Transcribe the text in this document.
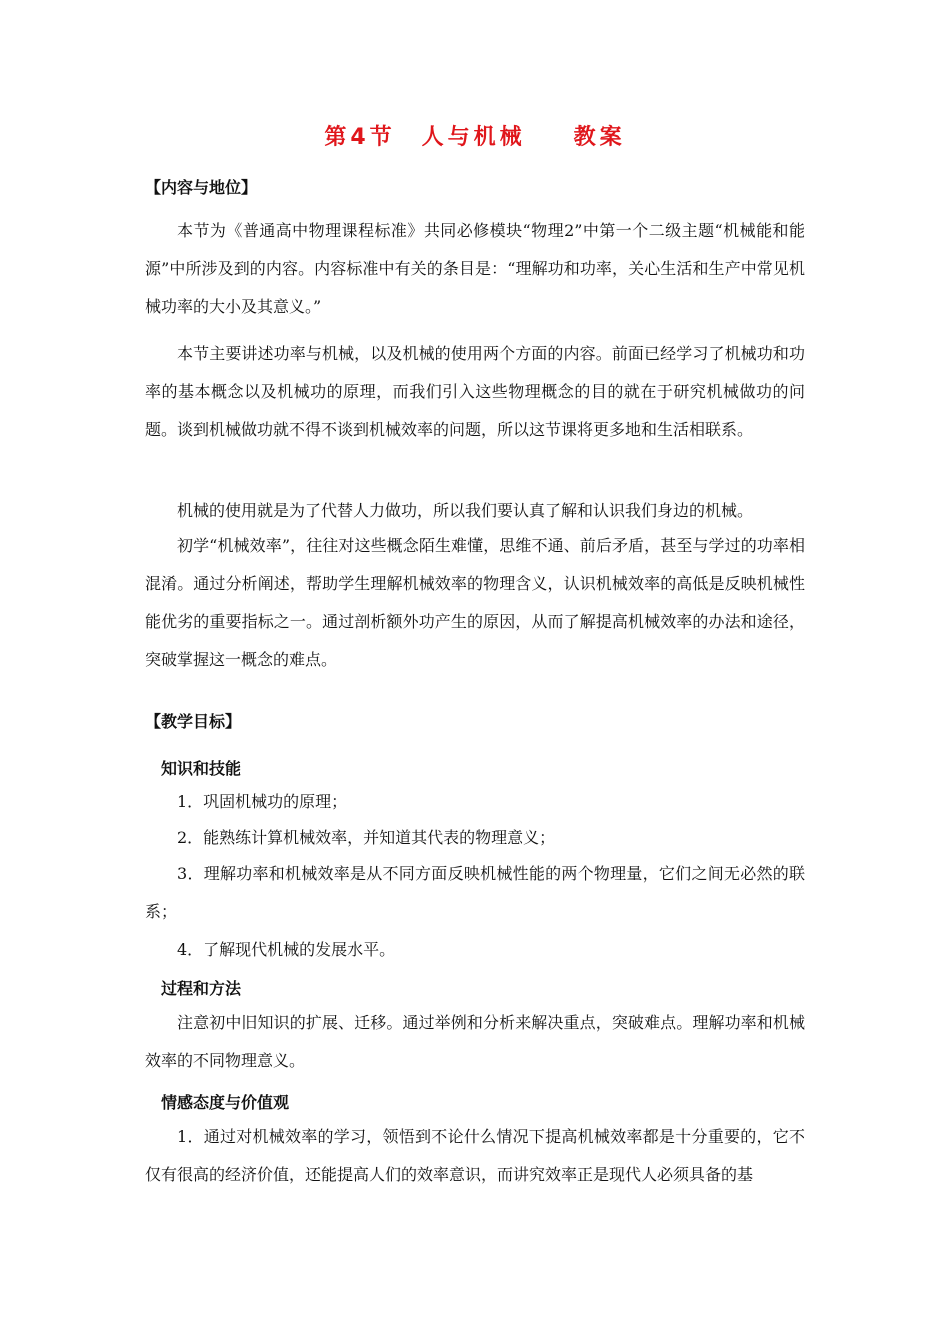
第4节　人与机械 教案
【内容与地位】

本节为《普通高中物理课程标准》共同必修模块“物理2”中第一个二级主题“机械能和能源”中所涉及到的内容。内容标准中有关的条目是：“理解功和功率，关心生活和生产中常见机械功率的大小及其意义。”

本节主要讲述功率与机械，以及机械的使用两个方面的内容。前面已经学习了机械功和功率的基本概念以及机械功的原理，而我们引入这些物理概念的目的就在于研究机械做功的问题。谈到机械做功就不得不谈到机械效率的问题，所以这节课将更多地和生活相联系。

机械的使用就是为了代替人力做功，所以我们要认真了解和认识我们身边的机械。

初学“机械效率”，往往对这些概念陌生难懂，思维不通、前后矛盾，甚至与学过的功率相混淆。通过分析阐述，帮助学生理解机械效率的物理含义，认识机械效率的高低是反映机械性能优劣的重要指标之一。通过剖析额外功产生的原因，从而了解提高机械效率的办法和途径，突破掌握这一概念的难点。

【教学目标】
知识和技能

1．巩固机械功的原理；

2．能熟练计算机械效率，并知道其代表的物理意义；

3．理解功率和机械效率是从不同方面反映机械性能的两个物理量，它们之间无必然的联系；

4．了解现代机械的发展水平。

过程和方法

注意初中旧知识的扩展、迁移。通过举例和分析来解决重点，突破难点。理解功率和机械效率的不同物理意义。

情感态度与价值观

1．通过对机械效率的学习，领悟到不论什么情况下提高机械效率都是十分重要的，它不仅有很高的经济价值，还能提高人们的效率意识，而讲究效率正是现代人必须具备的基
